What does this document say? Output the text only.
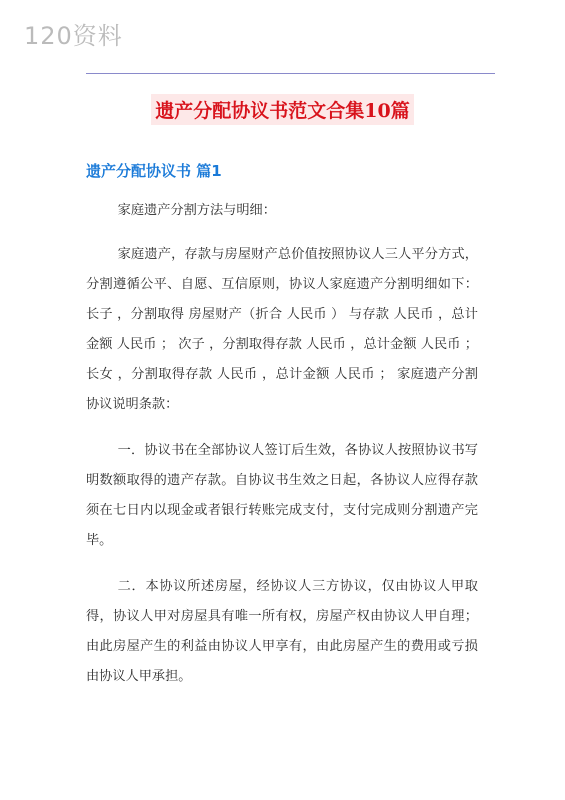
120资料
遗产分配协议书范文合集10篇
遗产分配协议书 篇1

家庭遗产分割方法与明细：

家庭遗产，存款与房屋财产总价值按照协议人三人平分方式，分割遵循公平、自愿、互信原则，协议人家庭遗产分割明细如下： 长子 ，分割取得 房屋财产（折合 人民币 ） 与存款 人民币 ，总计金额 人民币 ； 次子 ，分割取得存款 人民币 ，总计金额 人民币 ； 长女 ，分割取得存款 人民币 ，总计金额 人民币 ； 家庭遗产分割协议说明条款：

一．协议书在全部协议人签订后生效，各协议人按照协议书写明数额取得的遗产存款。自协议书生效之日起，各协议人应得存款须在七日内以现金或者银行转账完成支付，支付完成则分割遗产完毕。

二．本协议所述房屋，经协议人三方协议，仅由协议人甲取得，协议人甲对房屋具有唯一所有权，房屋产权由协议人甲自理；由此房屋产生的利益由协议人甲享有，由此房屋产生的费用或亏损由协议人甲承担。
